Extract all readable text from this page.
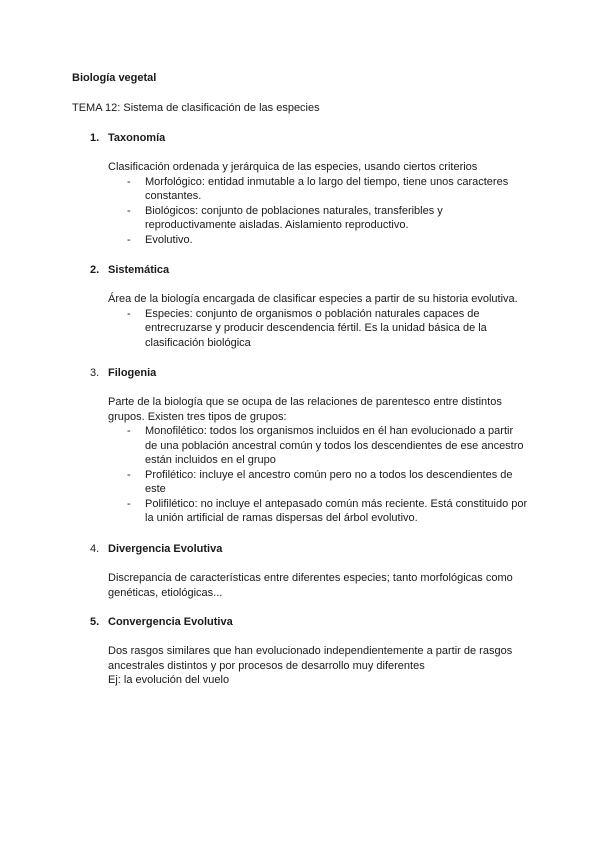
Biología vegetal
TEMA 12: Sistema de clasificación de las especies
1. Taxonomía

Clasificación ordenada y jerárquica de las especies, usando ciertos criterios

- Morfológico: entidad inmutable a lo largo del tiempo, tiene unos caracteres constantes.
- Biológicos: conjunto de poblaciones naturales, transferibles y reproductivamente aisladas. Aislamiento reproductivo.
- Evolutivo.
2. Sistemática

Área de la biología encargada de clasificar especies a partir de su historia evolutiva.

- Especies: conjunto de organismos o población naturales capaces de entrecruzarse y producir descendencia fértil. Es la unidad básica de la clasificación biológica
3. Filogenia

Parte de la biología que se ocupa de las relaciones de parentesco entre distintos grupos. Existen tres tipos de grupos:

- Monofilético: todos los organismos incluidos en él han evolucionado a partir de una población ancestral común y todos los descendientes de ese ancestro están incluidos en el grupo
- Profilético: incluye el ancestro común pero no a todos los descendientes de este
- Polifilético: no incluye el antepasado común más reciente. Está constituido por la unión artificial de ramas dispersas del árbol evolutivo.
4. Divergencia Evolutiva

Discrepancia de características entre diferentes especies; tanto morfológicas como genéticas, etiológicas...

5. Convergencia Evolutiva

Dos rasgos similares que han evolucionado independientemente a partir de rasgos ancestrales distintos y por procesos de desarrollo muy diferentes

Ej: la evolución del vuelo
